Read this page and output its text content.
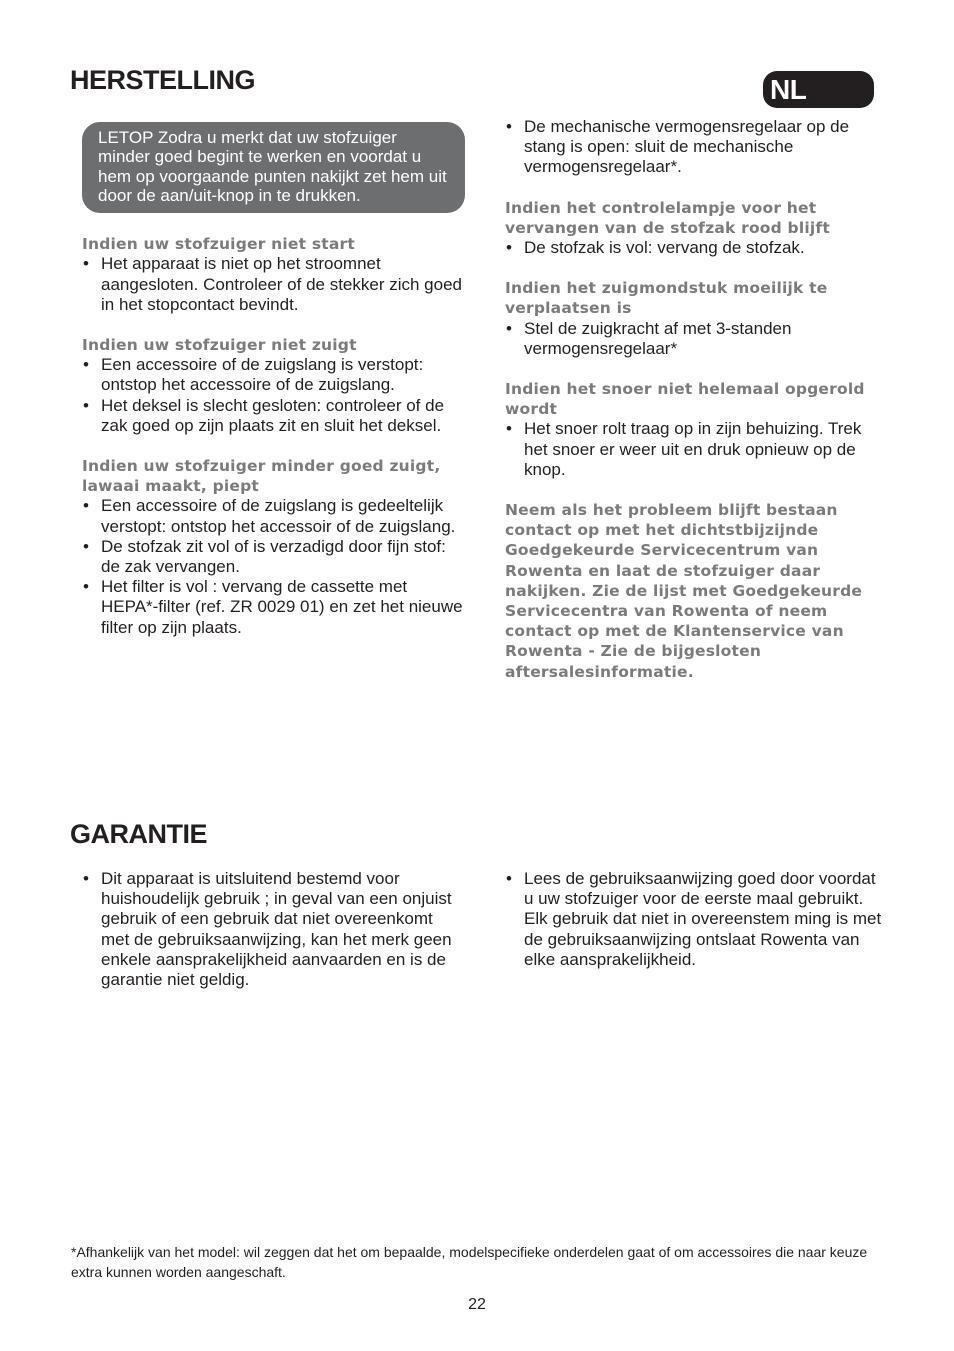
HERSTELLING	NL
LETOP Zodra u merkt dat uw stofzuiger minder goed begint te werken en voordat u hem op voorgaande punten nakijkt zet hem uit door de aan/uit-knop in te drukken.
Indien uw stofzuiger niet start
• Het apparaat is niet op het stroomnet aangesloten. Controleer of de stekker zich goed in het stopcontact bevindt.
Indien uw stofzuiger niet zuigt
• Een accessoire of de zuigslang is verstopt: ontstop het accessoire of de zuigslang.
• Het deksel is slecht gesloten: controleer of de zak goed op zijn plaats zit en sluit het deksel.
Indien uw stofzuiger minder goed zuigt, lawaai maakt, piept
• Een accessoire of de zuigslang is gedeeltelijk verstopt: ontstop het accessoir of de zuigslang.
• De stofzak zit vol of is verzadigd door fijn stof: de zak vervangen.
• Het filter is vol : vervang de cassette met HEPA*-filter (ref. ZR 0029 01) en zet het nieuwe filter op zijn plaats.
• De mechanische vermogensregelaar op de stang is open: sluit de mechanische vermogensregelaar*.
Indien het controlelampje voor het vervangen van de stofzak rood blijft
• De stofzak is vol: vervang de stofzak.
Indien het zuigmondstuk moeilijk te verplaatsen is
• Stel de zuigkracht af met 3-standen vermogensregelaar*
Indien het snoer niet helemaal opgerold wordt
• Het snoer rolt traag op in zijn behuizing. Trek het snoer er weer uit en druk opnieuw op de knop.
Neem als het probleem blijft bestaan contact op met het dichtstbijzijnde Goedgekeurde Servicecentrum van Rowenta en laat de stofzuiger daar nakijken. Zie de lijst met Goedgekeurde Servicecentra van Rowenta of neem contact op met de Klantenservice van Rowenta - Zie de bijgesloten aftersalesinformatie.
GARANTIE
• Dit apparaat is uitsluitend bestemd voor huishoudelijk gebruik ; in geval van een onjuist gebruik of een gebruik dat niet overeenkomt met de gebruiksaanwijzing, kan het merk geen enkele aansprakelijkheid aanvaarden en is de garantie niet geldig.
• Lees de gebruiksaanwijzing goed door voordat u uw stofzuiger voor de eerste maal gebruikt. Elk gebruik dat niet in overeenstem ming is met de gebruiksaanwijzing ontslaat Rowenta van elke aansprakelijkheid.
*Afhankelijk van het model: wil zeggen dat het om bepaalde, modelspecifieke onderdelen gaat of om accessoires die naar keuze extra kunnen worden aangeschaft.
22
